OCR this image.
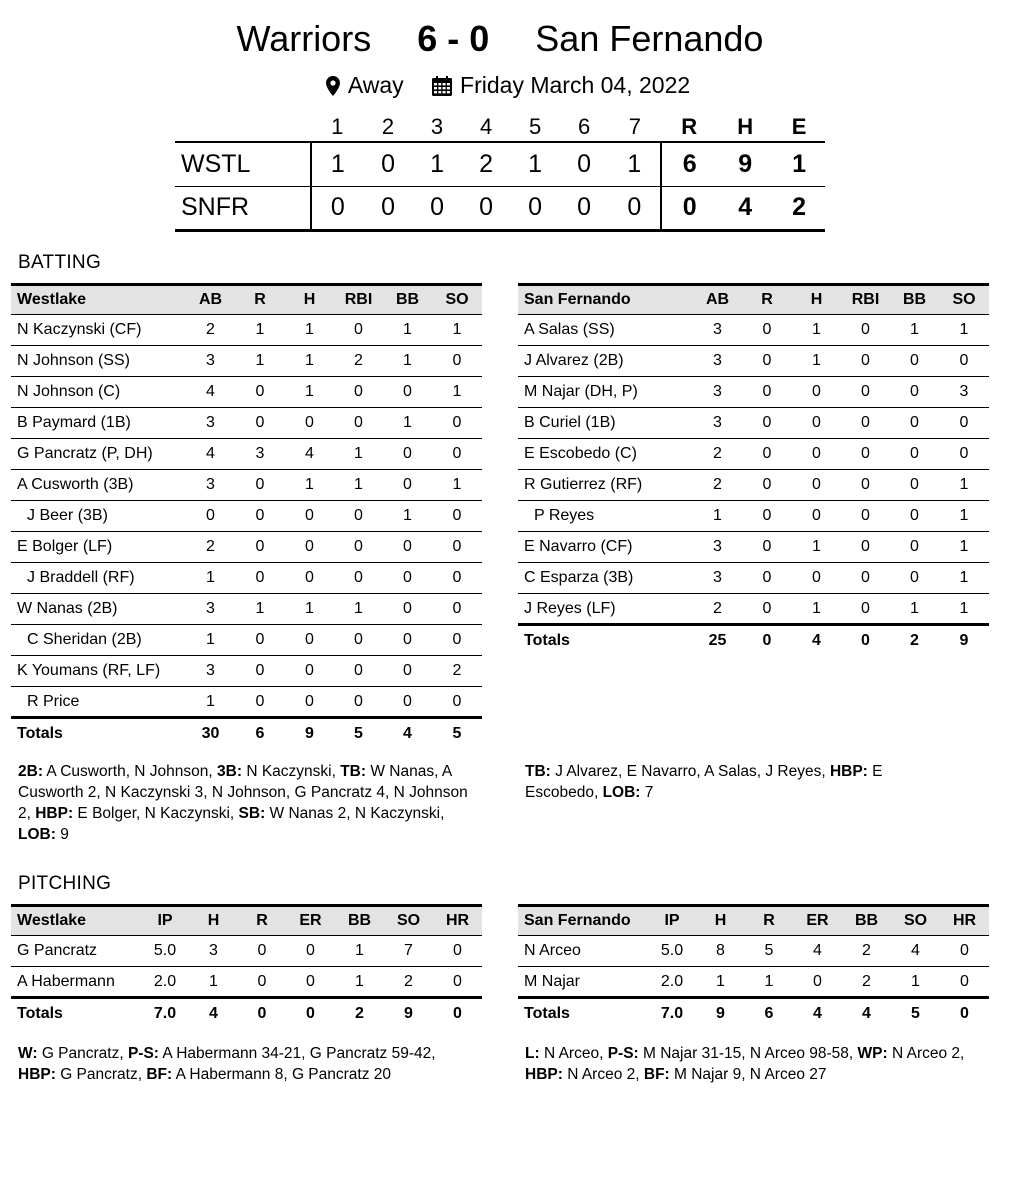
Warriors 6 - 0 San Fernando
Away Friday March 04, 2022
	1	2	3	4	5	6	7	R	H	E
WSTL	1	0	1	2	1	0	1	6	9	1
SNFR	0	0	0	0	0	0	0	0	4	2
BATTING
Westlake	AB	R	H	RBI	BB	SO
N Kaczynski (CF)	2	1	1	0	1	1
N Johnson (SS)	3	1	1	2	1	0
N Johnson (C)	4	0	1	0	0	1
B Paymard (1B)	3	0	0	0	1	0
G Pancratz (P, DH)	4	3	4	1	0	0
A Cusworth (3B)	3	0	1	1	0	1
J Beer (3B)	0	0	0	0	1	0
E Bolger (LF)	2	0	0	0	0	0
J Braddell (RF)	1	0	0	0	0	0
W Nanas (2B)	3	1	1	1	0	0
C Sheridan (2B)	1	0	0	0	0	0
K Youmans (RF, LF)	3	0	0	0	0	2
R Price	1	0	0	0	0	0
Totals	30	6	9	5	4	5
San Fernando	AB	R	H	RBI	BB	SO
A Salas (SS)	3	0	1	0	1	1
J Alvarez (2B)	3	0	1	0	0	0
M Najar (DH, P)	3	0	0	0	0	3
B Curiel (1B)	3	0	0	0	0	0
E Escobedo (C)	2	0	0	0	0	0
R Gutierrez (RF)	2	0	0	0	0	1
P Reyes	1	0	0	0	0	1
E Navarro (CF)	3	0	1	0	0	1
C Esparza (3B)	3	0	0	0	0	1
J Reyes (LF)	2	0	1	0	1	1
Totals	25	0	4	0	2	9
2B: A Cusworth, N Johnson, 3B: N Kaczynski, TB: W Nanas, A Cusworth 2, N Kaczynski 3, N Johnson, G Pancratz 4, N Johnson 2, HBP: E Bolger, N Kaczynski, SB: W Nanas 2, N Kaczynski, LOB: 9
TB: J Alvarez, E Navarro, A Salas, J Reyes, HBP: E Escobedo, LOB: 7
PITCHING
Westlake	IP	H	R	ER	BB	SO	HR
G Pancratz	5.0	3	0	0	1	7	0
A Habermann	2.0	1	0	0	1	2	0
Totals	7.0	4	0	0	2	9	0
San Fernando	IP	H	R	ER	BB	SO	HR
N Arceo	5.0	8	5	4	2	4	0
M Najar	2.0	1	1	0	2	1	0
Totals	7.0	9	6	4	4	5	0
W: G Pancratz, P-S: A Habermann 34-21, G Pancratz 59-42, HBP: G Pancratz, BF: A Habermann 8, G Pancratz 20
L: N Arceo, P-S: M Najar 31-15, N Arceo 98-58, WP: N Arceo 2, HBP: N Arceo 2, BF: M Najar 9, N Arceo 27
